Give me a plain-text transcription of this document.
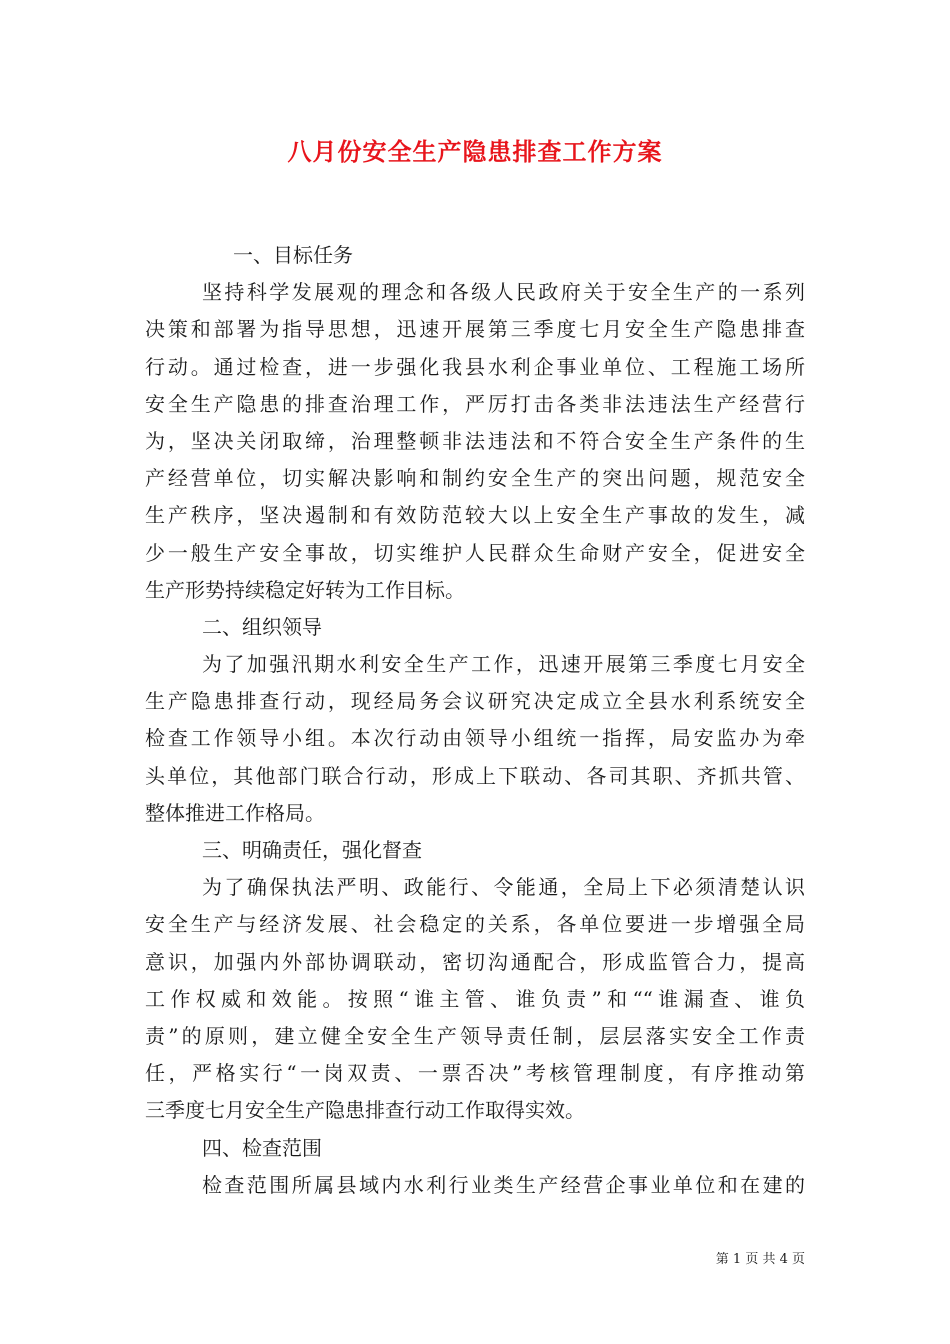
八月份安全生产隐患排查工作方案
一、目标任务
坚持科学发展观的理念和各级人民政府关于安全生产的一系列
决策和部署为指导思想，迅速开展第三季度七月安全生产隐患排查
行动。通过检查，进一步强化我县水利企事业单位、工程施工场所
安全生产隐患的排查治理工作，严厉打击各类非法违法生产经营行
为，坚决关闭取缔，治理整顿非法违法和不符合安全生产条件的生
产经营单位，切实解决影响和制约安全生产的突出问题，规范安全
生产秩序，坚决遏制和有效防范较大以上安全生产事故的发生，减
少一般生产安全事故，切实维护人民群众生命财产安全，促进安全
生产形势持续稳定好转为工作目标。
二、组织领导
为了加强汛期水利安全生产工作，迅速开展第三季度七月安全
生产隐患排查行动，现经局务会议研究决定成立全县水利系统安全
检查工作领导小组。本次行动由领导小组统一指挥，局安监办为牵
头单位，其他部门联合行动，形成上下联动、各司其职、齐抓共管、
整体推进工作格局。
三、明确责任，强化督查
为了确保执法严明、政能行、令能通，全局上下必须清楚认识
安全生产与经济发展、社会稳定的关系，各单位要进一步增强全局
意识，加强内外部协调联动，密切沟通配合，形成监管合力，提高
工作权威和效能。按照“谁主管、谁负责”和““谁漏查、谁负
责”的原则，建立健全安全生产领导责任制，层层落实安全工作责
任，严格实行“一岗双责、一票否决”考核管理制度，有序推动第
三季度七月安全生产隐患排查行动工作取得实效。
四、检查范围
检查范围所属县域内水利行业类生产经营企事业单位和在建的
第 1 页 共 4 页
